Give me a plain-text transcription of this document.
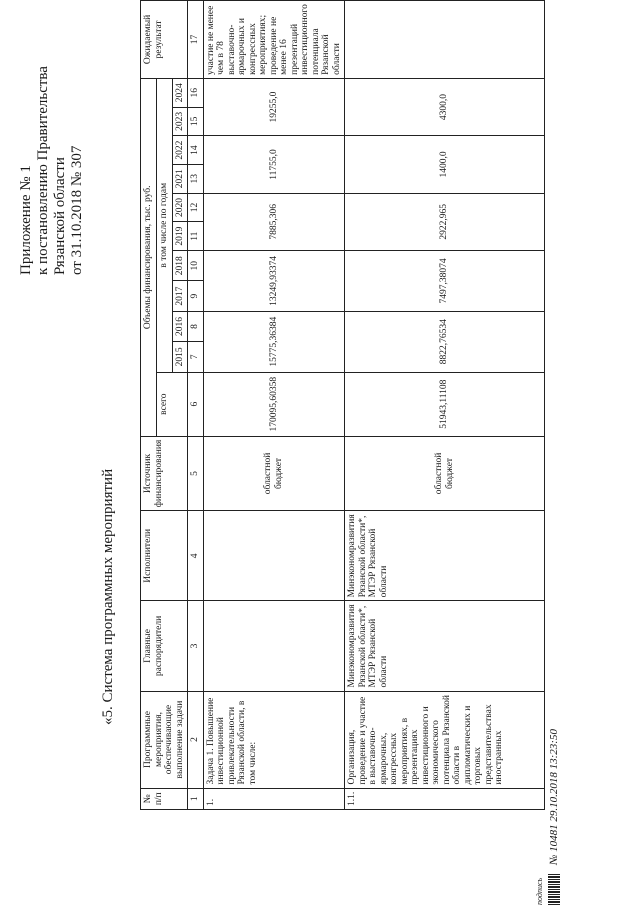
Приложение № 1 к постановлению Правительства Рязанской области от 31.10.2018 № 307
«5. Система программных мероприятий
№ п/п	Программные мероприятия, обеспечивающие выполнение задачи	Главные распорядители	Исполнители	Источник финансирования	Объемы финансирования, тыс. руб.											Ожидаемый результат
					всего	в том числе по годам										
						2015	2016	2017	2018	2019	2020	2021	2022	2023	2024	
1	2	3	4	5	6	7	8	9	10	11	12	13	14	15	16	17
1.	Задача 1. Повышение инвестиционной привлекательности Рязанской области, в том числе:			областной бюджет	170095,60358	15775,36384		13249,93374		7885,306		11755,0		19255,0		участие не менее чем в 78 выставочно-ярмарочных и конгрессных мероприятиях; проведение не менее 16 презентаций инвестиционного потенциала Рязанской области
1.1.	Организация, проведение и участие в выставочно-ярмарочных, конгрессных мероприятиях, в презентациях инвестиционного и экономического потенциала Рязанской области в дипломатических и торговых представительствах иностранных	Минэкономразвития Рязанской области*, МТЭР Рязанской области	Минэкономразвития Рязанской области*, МТЭР Рязанской области	областной бюджет	51943,11108	8822,76534		7497,38074		2922,965		1400,0		4300,0		
подпись
№ 10481 29.10.2018 13:23:50
